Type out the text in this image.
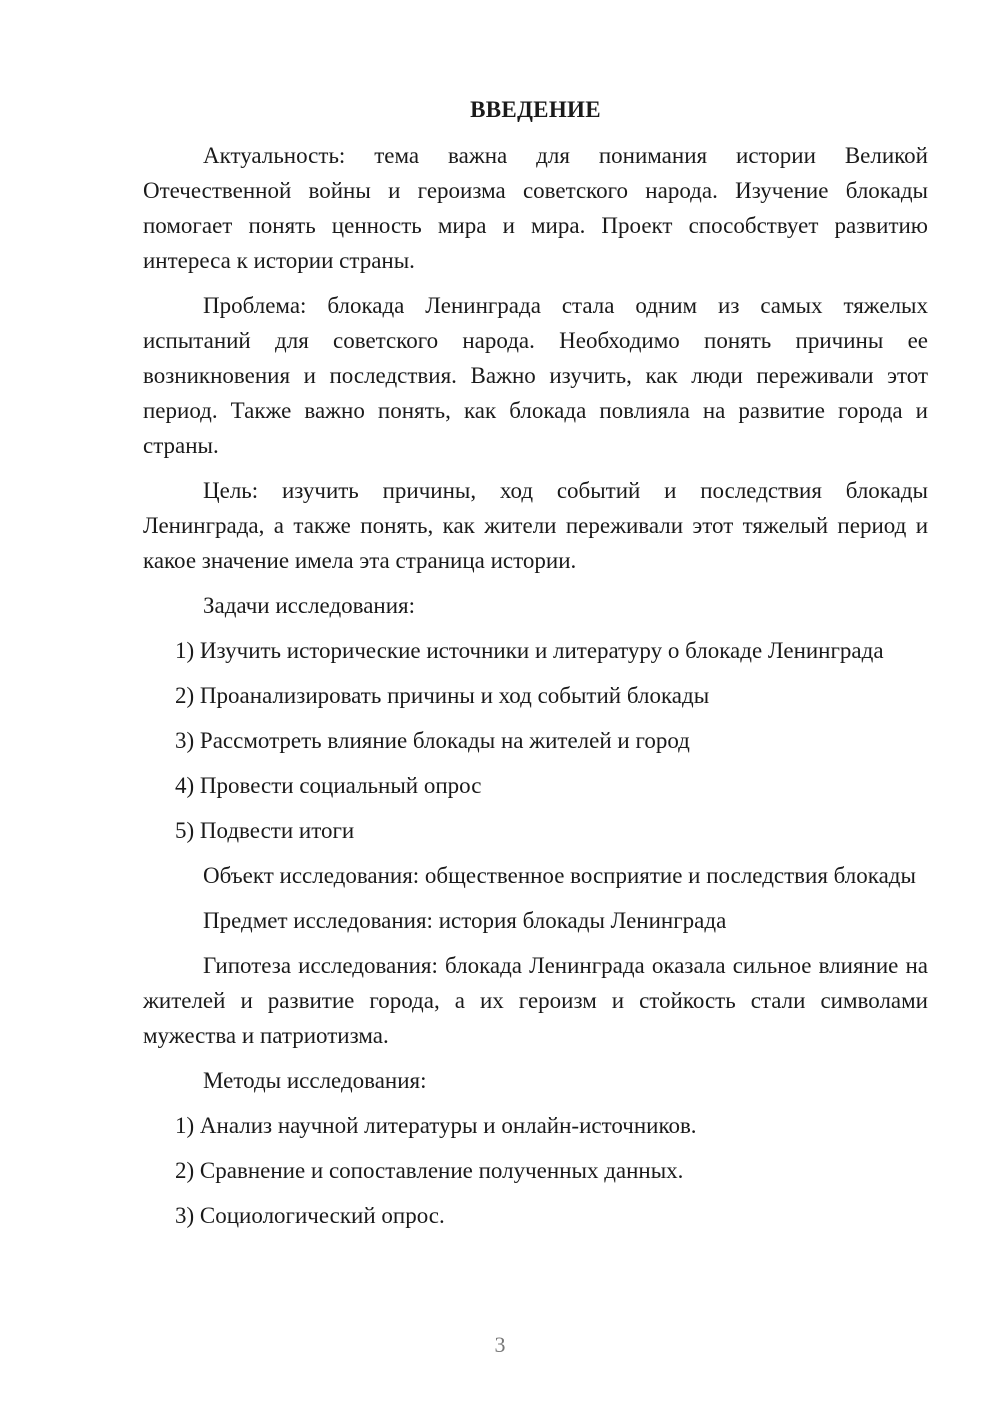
ВВЕДЕНИЕ
Актуальность: тема важна для понимания истории Великой Отечественной войны и героизма советского народа. Изучение блокады помогает понять ценность мира и мира. Проект способствует развитию интереса к истории страны.
Проблема: блокада Ленинграда стала одним из самых тяжелых испытаний для советского народа. Необходимо понять причины ее возникновения и последствия. Важно изучить, как люди переживали этот период. Также важно понять, как блокада повлияла на развитие города и страны.
Цель: изучить причины, ход событий и последствия блокады Ленинграда, а также понять, как жители переживали этот тяжелый период и какое значение имела эта страница истории.
Задачи исследования:
1) Изучить исторические источники и литературу о блокаде Ленинграда
2) Проанализировать причины и ход событий блокады
3) Рассмотреть влияние блокады на жителей и город
4) Провести социальный опрос
5) Подвести итоги
Объект исследования: общественное восприятие и последствия блокады
Предмет исследования: история блокады Ленинграда
Гипотеза исследования: блокада Ленинграда оказала сильное влияние на жителей и развитие города, а их героизм и стойкость стали символами мужества и патриотизма.
Методы исследования:
1) Анализ научной литературы и онлайн-источников.
2) Сравнение и сопоставление полученных данных.
3) Социологический опрос.
3
